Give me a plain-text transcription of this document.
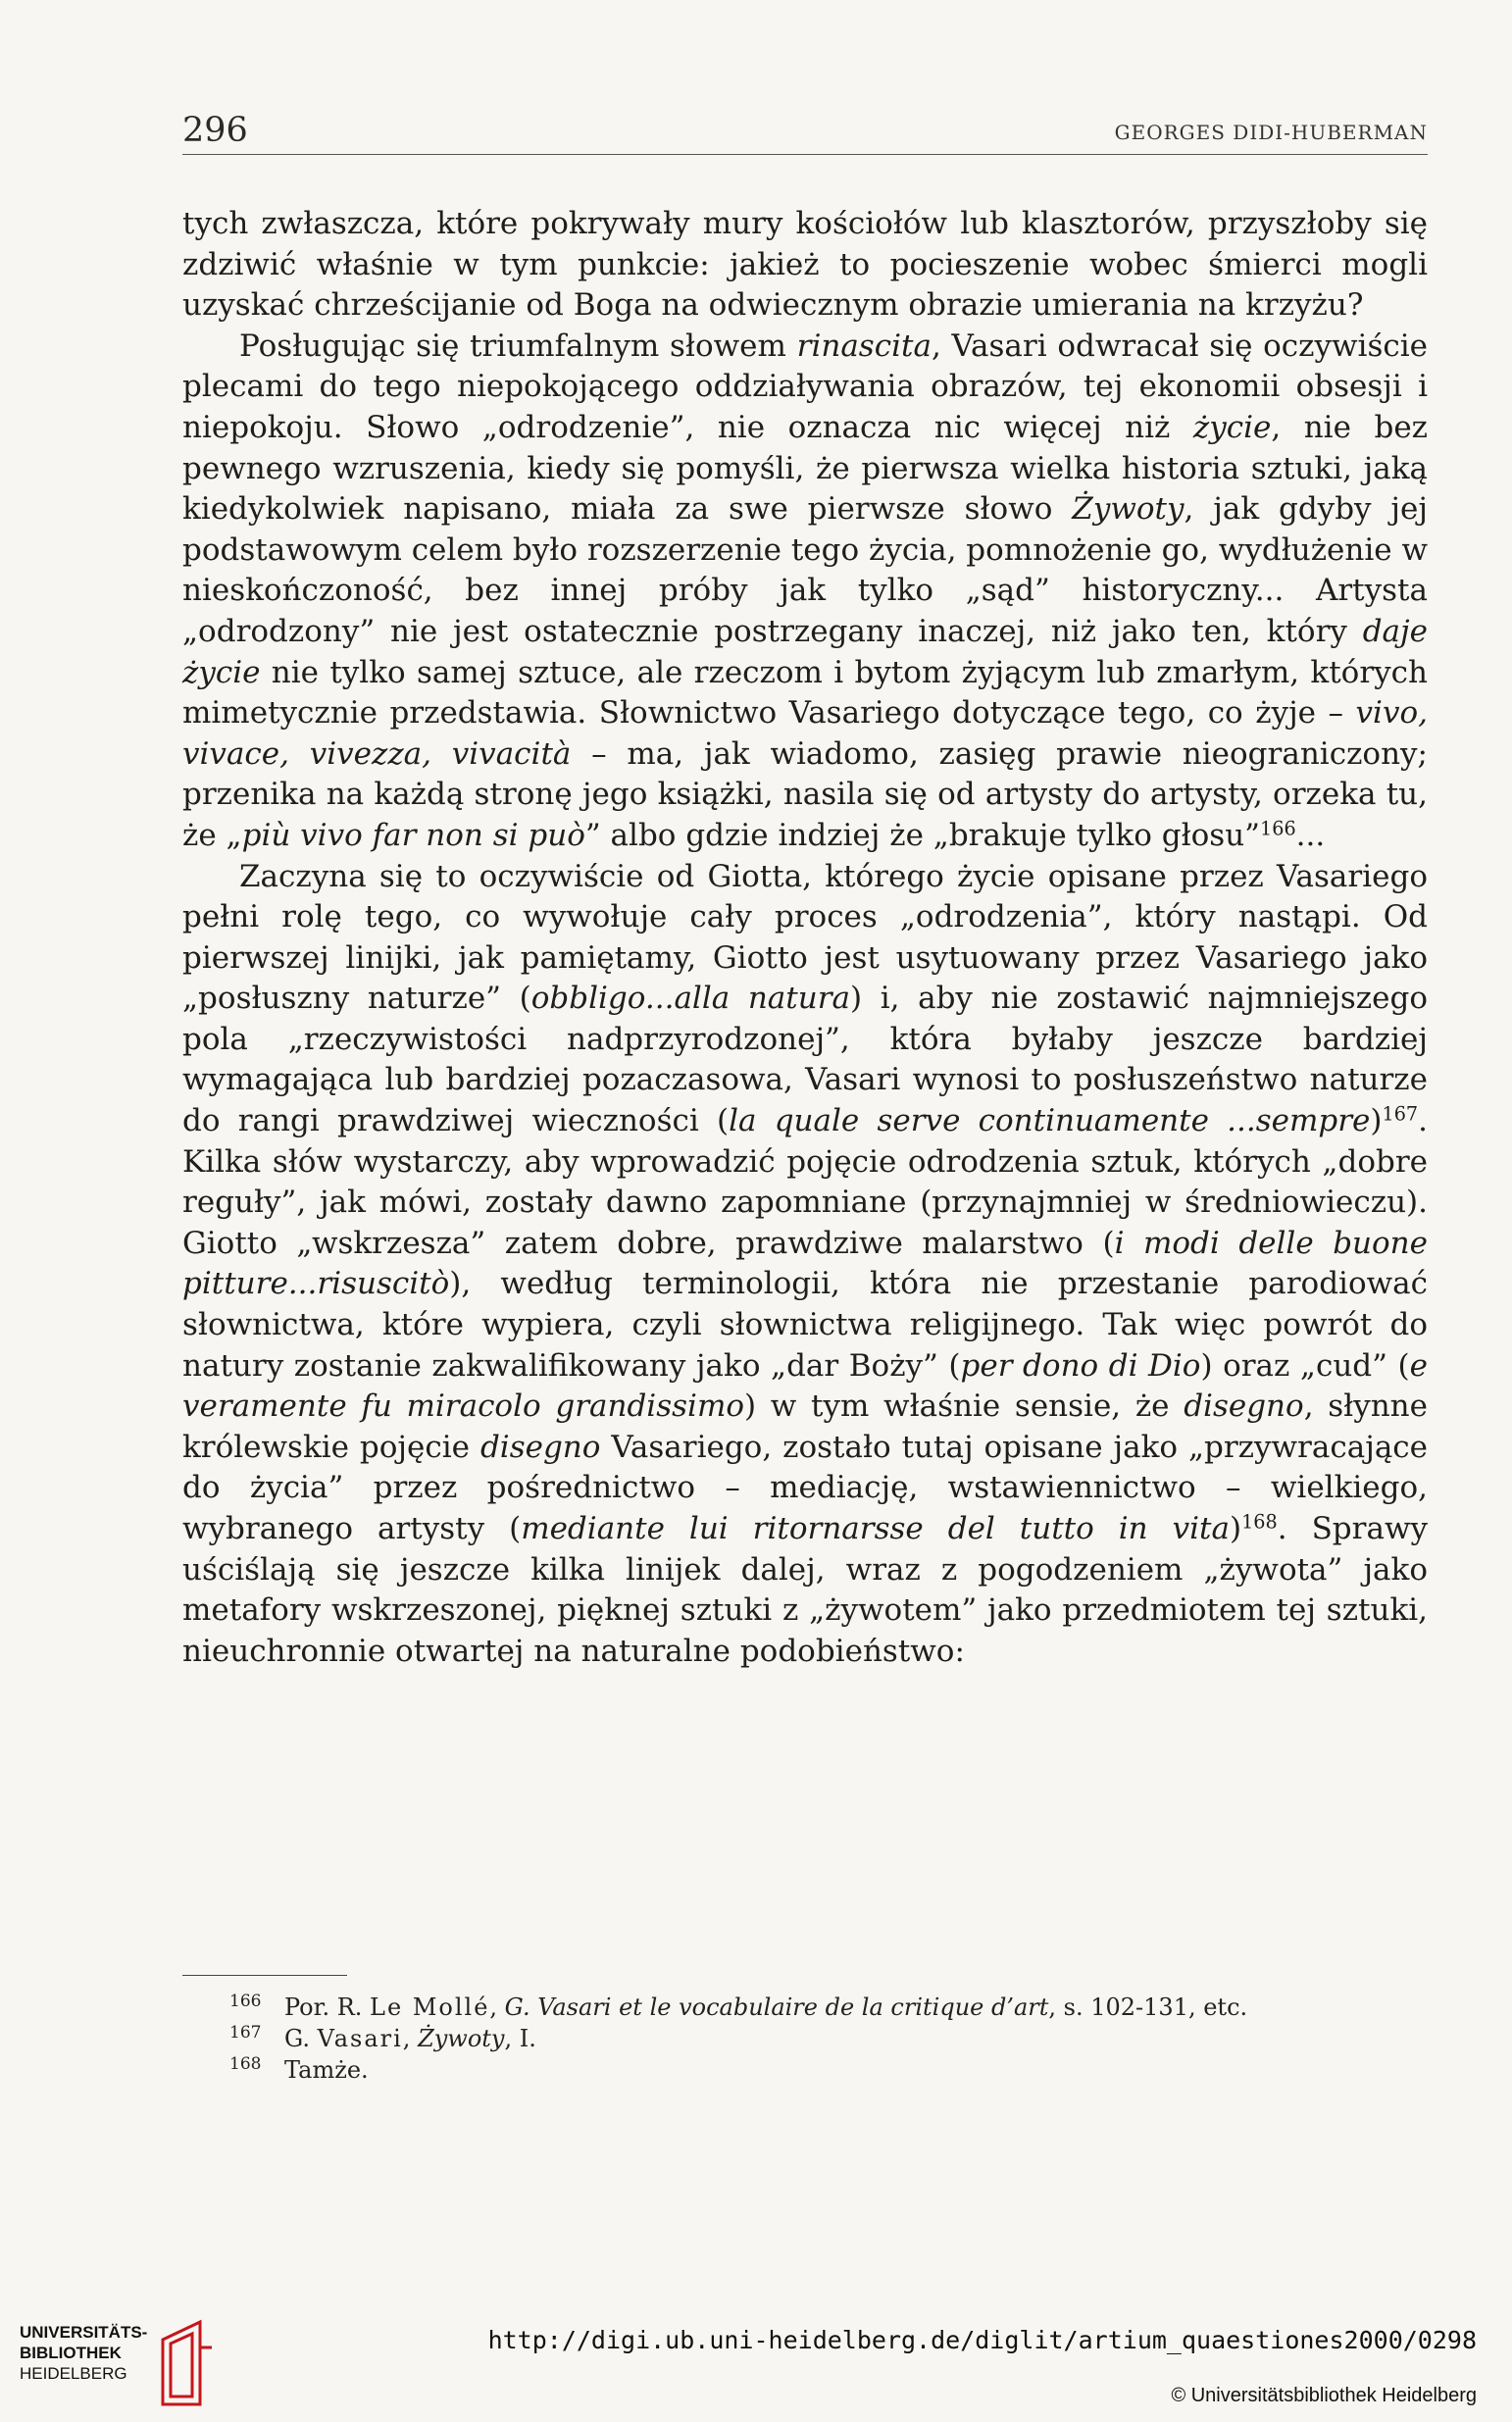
296	GEORGES DIDI-HUBERMAN

tych zwłaszcza, które pokrywały mury kościołów lub klasztorów, przyszłoby się zdziwić właśnie w tym punkcie: jakież to pocieszenie wobec śmierci mogli uzyskać chrześcijanie od Boga na odwiecznym obrazie umierania na krzyżu?

Posługując się triumfalnym słowem rinascita, Vasari odwracał się oczywiście plecami do tego niepokojącego oddziaływania obrazów, tej ekonomii obsesji i niepokoju. Słowo „odrodzenie”, nie oznacza nic więcej niż życie, nie bez pewnego wzruszenia, kiedy się pomyśli, że pierwsza wielka historia sztuki, jaką kiedykolwiek napisano, miała za swe pierwsze słowo Żywoty, jak gdyby jej podstawowym celem było rozszerzenie tego życia, pomnożenie go, wydłużenie w nieskończoność, bez innej próby jak tylko „sąd” historyczny... Artysta „odrodzony” nie jest ostatecznie postrzegany inaczej, niż jako ten, który daje życie nie tylko samej sztuce, ale rzeczom i bytom żyjącym lub zmarłym, których mimetycznie przedstawia. Słownictwo Vasariego dotyczące tego, co żyje – vivo, vivace, vivezza, vivacità – ma, jak wiadomo, zasięg prawie nieograniczony; przenika na każdą stronę jego książki, nasila się od artysty do artysty, orzeka tu, że „più vivo far non si può” albo gdzie indziej że „brakuje tylko głosu”$^{166}$...

Zaczyna się to oczywiście od Giotta, którego życie opisane przez Vasariego pełni rolę tego, co wywołuje cały proces „odrodzenia”, który nastąpi. Od pierwszej linijki, jak pamiętamy, Giotto jest usytuowany przez Vasariego jako „posłuszny naturze” (obbligo...alla natura) i, aby nie zostawić najmniejszego pola „rzeczywistości nadprzyrodzonej”, która byłaby jeszcze bardziej wymagająca lub bardziej pozaczasowa, Vasari wynosi to posłuszeństwo naturze do rangi prawdziwej wieczności (la quale serve continuamente ...sempre)$^{167}$. Kilka słów wystarczy, aby wprowadzić pojęcie odrodzenia sztuk, których „dobre reguły”, jak mówi, zostały dawno zapomniane (przynajmniej w średniowieczu). Giotto „wskrzesza” zatem dobre, prawdziwe malarstwo (i modi delle buone pitture...risuscitò), według terminologii, która nie przestanie parodiować słownictwa, które wypiera, czyli słownictwa religijnego. Tak więc powrót do natury zostanie zakwalifikowany jako „dar Boży” (per dono di Dio) oraz „cud” (e veramente fu miracolo grandissimo) w tym właśnie sensie, że disegno, słynne królewskie pojęcie disegno Vasariego, zostało tutaj opisane jako „przywracające do życia” przez pośrednictwo – mediację, wstawiennictwo – wielkiego, wybranego artysty (mediante lui ritornarsse del tutto in vita)$^{168}$. Sprawy uściślają się jeszcze kilka linijek dalej, wraz z pogodzeniem „żywota” jako metafory wskrzeszonej, pięknej sztuki z „żywotem” jako przedmiotem tej sztuki, nieuchronnie otwartej na naturalne podobieństwo:

166 Por. R. Le Mollé, G. Vasari et le vocabulaire de la critique d’art, s. 102-131, etc.
167 G. Vasari, Żywoty, I.
168 Tamże.
UNIVERSITÄTS-
BIBLIOTHEK
HEIDELBERG
http://digi.ub.uni-heidelberg.de/diglit/artium_quaestiones2000/0298
© Universitätsbibliothek Heidelberg
